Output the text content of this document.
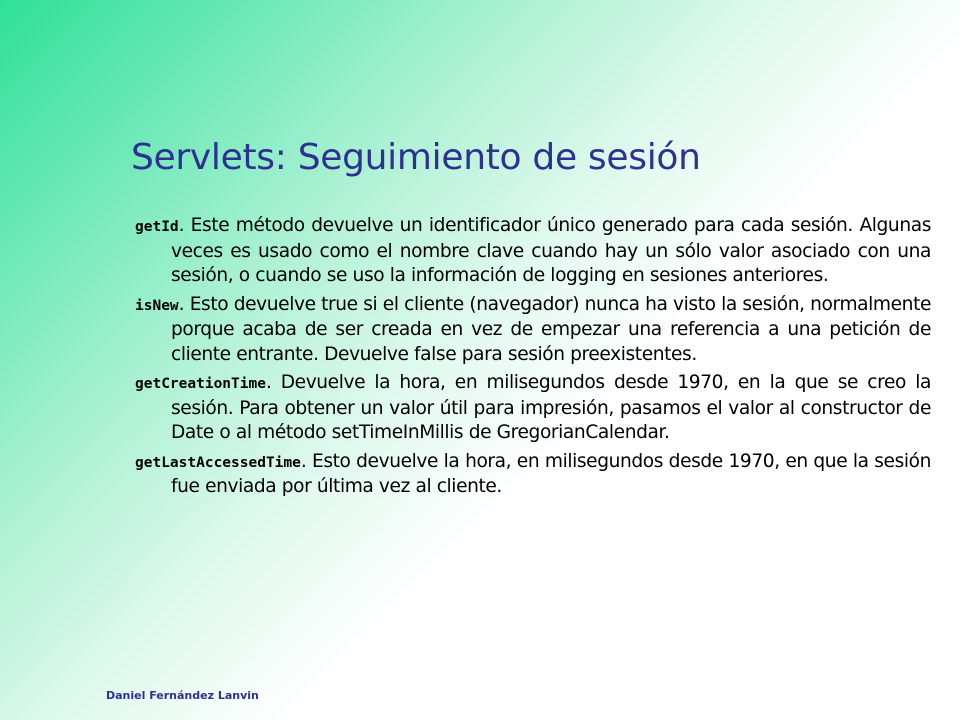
Servlets: Seguimiento de sesión

getId. Este método devuelve un identificador único generado para cada sesión. Algunas veces es usado como el nombre clave cuando hay un sólo valor asociado con una sesión, o cuando se uso la información de logging en sesiones anteriores.

isNew. Esto devuelve true si el cliente (navegador) nunca ha visto la sesión, normalmente porque acaba de ser creada en vez de empezar una referencia a una petición de cliente entrante. Devuelve false para sesión preexistentes.

getCreationTime. Devuelve la hora, en milisegundos desde 1970, en la que se creo la sesión. Para obtener un valor útil para impresión, pasamos el valor al constructor de Date o al método setTimeInMillis de GregorianCalendar.

getLastAccessedTime. Esto devuelve la hora, en milisegundos desde 1970, en que la sesión fue enviada por última vez al cliente.

Daniel Fernández Lanvin
